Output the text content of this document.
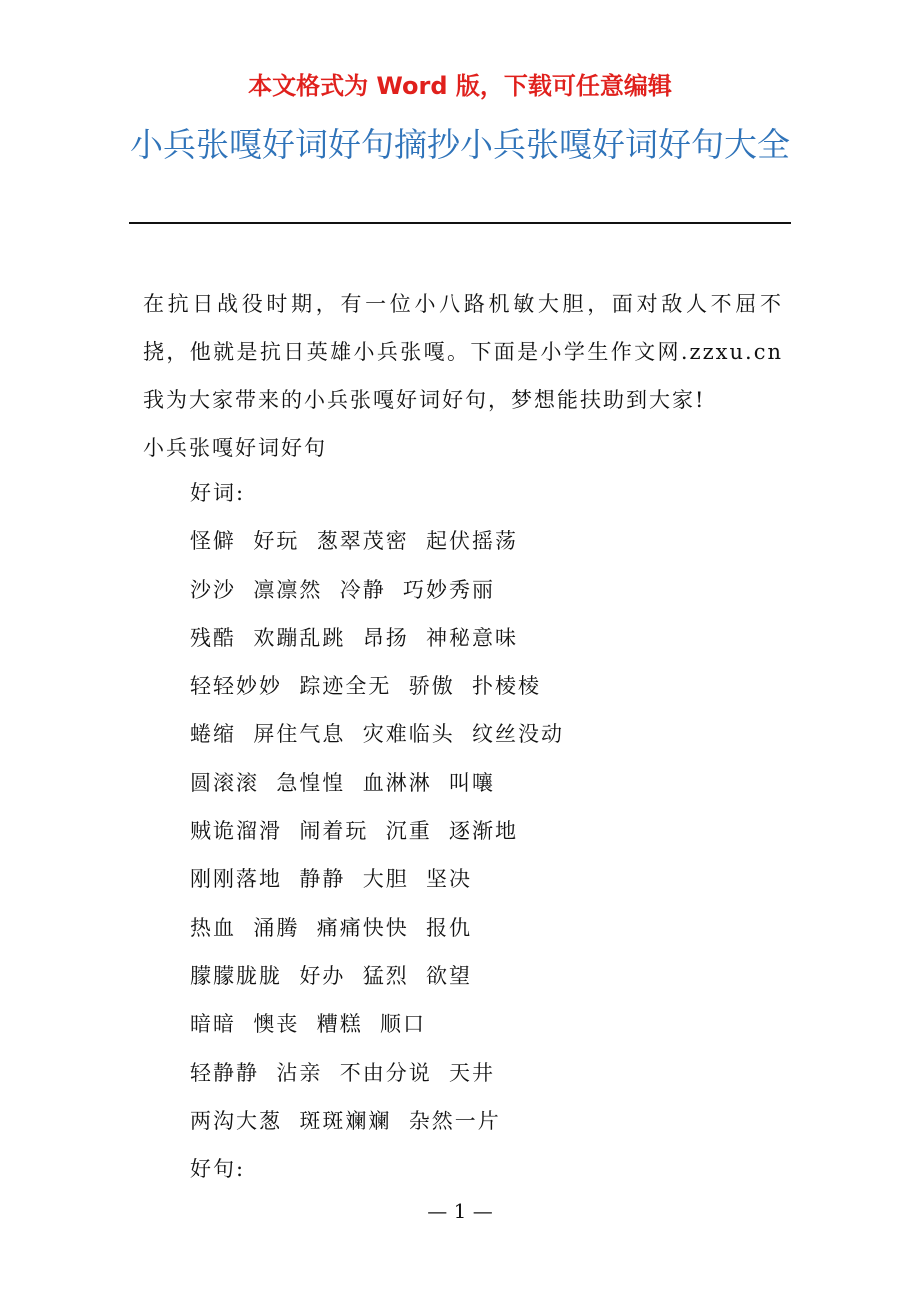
本文格式为 Word 版，下载可任意编辑
小兵张嘎好词好句摘抄小兵张嘎好词好句大全

在抗日战役时期，有一位小八路机敏大胆，面对敌人不屈不挠，他就是抗日英雄小兵张嘎。下面是小学生作文网.zzxu.cn我为大家带来的小兵张嘎好词好句，梦想能扶助到大家!
小兵张嘎好词好句

好词:
怪僻  好玩  葱翠茂密  起伏摇荡
沙沙  凛凛然  冷静  巧妙秀丽
残酷  欢蹦乱跳  昂扬  神秘意味
轻轻妙妙  踪迹全无  骄傲  扑棱棱
蜷缩  屏住气息  灾难临头  纹丝没动
圆滚滚  急惶惶  血淋淋  叫嚷
贼诡溜滑  闹着玩  沉重  逐渐地
刚刚落地  静静  大胆  坚决
热血  涌腾  痛痛快快  报仇
朦朦胧胧  好办  猛烈  欲望
暗暗  懊丧  糟糕  顺口
轻静静  沾亲  不由分说  天井
两沟大葱  斑斑斓斓  杂然一片
好句:
— 1 —
